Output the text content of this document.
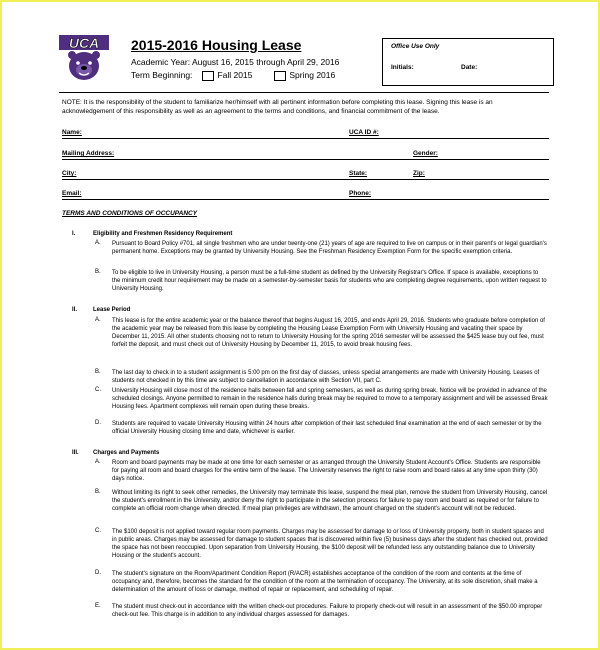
UCA 2015-2016 Housing Lease
Academic Year: August 16, 2015 through April 29, 2016
Term Beginning:	Fall 2015	Spring 2016
Office Use Only
Initials:	Date:
NOTE: It is the responsibility of the student to familiarize her/himself with all pertinent information before completing this lease. Signing this lease is an acknowledgement of this responsibility as well as an agreement to the terms and conditions, and financial commitment of the lease.
Name:	UCA ID #:
Mailing Address:	Gender:
City:	State:	Zip:
Email:	Phone:
TERMS AND CONDITIONS OF OCCUPANCY
I.	Eligibility and Freshmen Residency Requirement
A. Pursuant to Board Policy #701, all single freshmen who are under twenty-one (21) years of age are required to live on campus or in their parent's or legal guardian's permanent home. Exceptions may be granted by University Housing. See the Freshman Residency Exemption Form for the specific exemption criteria.
B. To be eligible to live in University Housing, a person must be a full-time student as defined by the University Registrar's Office. If space is available, exceptions to the minimum credit hour requirement may be made on a semester-by-semester basis for students who are completing degree requirements, upon written request to University Housing.
II.	Lease Period
A. This lease is for the entire academic year or the balance thereof that begins August 16, 2015, and ends April 29, 2016. Students who graduate before completion of the academic year may be released from this lease by completing the Housing Lease Exemption Form with University Housing and vacating their space by December 11, 2015. All other students choosing not to return to University Housing for the spring 2016 semester will be assessed the $425 lease buy out fee, must forfeit the deposit, and must check out of University Housing by December 11, 2015, to avoid break housing fees.
B. The last day to check in to a student assignment is 5:00 pm on the first day of classes, unless special arrangements are made with University Housing. Leases of students not checked in by this time are subject to cancellation in accordance with Section VII, part C.
C. University Housing will close most of the residence halls between fall and spring semesters, as well as during spring break. Notice will be provided in advance of the scheduled closings. Anyone permitted to remain in the residence halls during break may be required to move to a temporary assignment and will be assessed Break Housing fees. Apartment complexes will remain open during these breaks.
D. Students are required to vacate University Housing within 24 hours after completion of their last scheduled final examination at the end of each semester or by the official University Housing closing time and date, whichever is earlier.
III. Charges and Payments
A. Room and board payments may be made at one time for each semester or as arranged through the University Student Account's Office. Students are responsible for paying all room and board charges for the entire term of the lease. The University reserves the right to raise room and board rates at any time upon thirty (30) days notice.
B. Without limiting its right to seek other remedies, the University may terminate this lease, suspend the meal plan, remove the student from University Housing, cancel the student's enrollment in the University, and/or deny the right to participate in the selection process for failure to pay room and board as required or for failure to complete an official room change when directed. If meal plan privileges are withdrawn, the amount charged on the student's account will not be reduced.
C. The $100 deposit is not applied toward regular room payments. Charges may be assessed for damage to or loss of University property, both in student spaces and in public areas. Charges may be assessed for damage to student spaces that is discovered within five (5) business days after the student has checked out, provided the space has not been reoccupied. Upon separation from University Housing, the $100 deposit will be refunded less any outstanding balance due to University Housing or the student's account.
D. The student's signature on the Room/Apartment Condition Report (R/ACR) establishes acceptance of the condition of the room and contents at the time of occupancy and, therefore, becomes the standard for the condition of the room at the termination of occupancy. The University, at its sole discretion, shall make a determination of the amount of loss or damage, method of repair or replacement, and scheduling of repair.
E. The student must check-out in accordance with the written check-out procedures. Failure to properly check-out will result in an assessment of the $50.00 improper check-out fee. This charge is in addition to any individual charges assessed for damages.
